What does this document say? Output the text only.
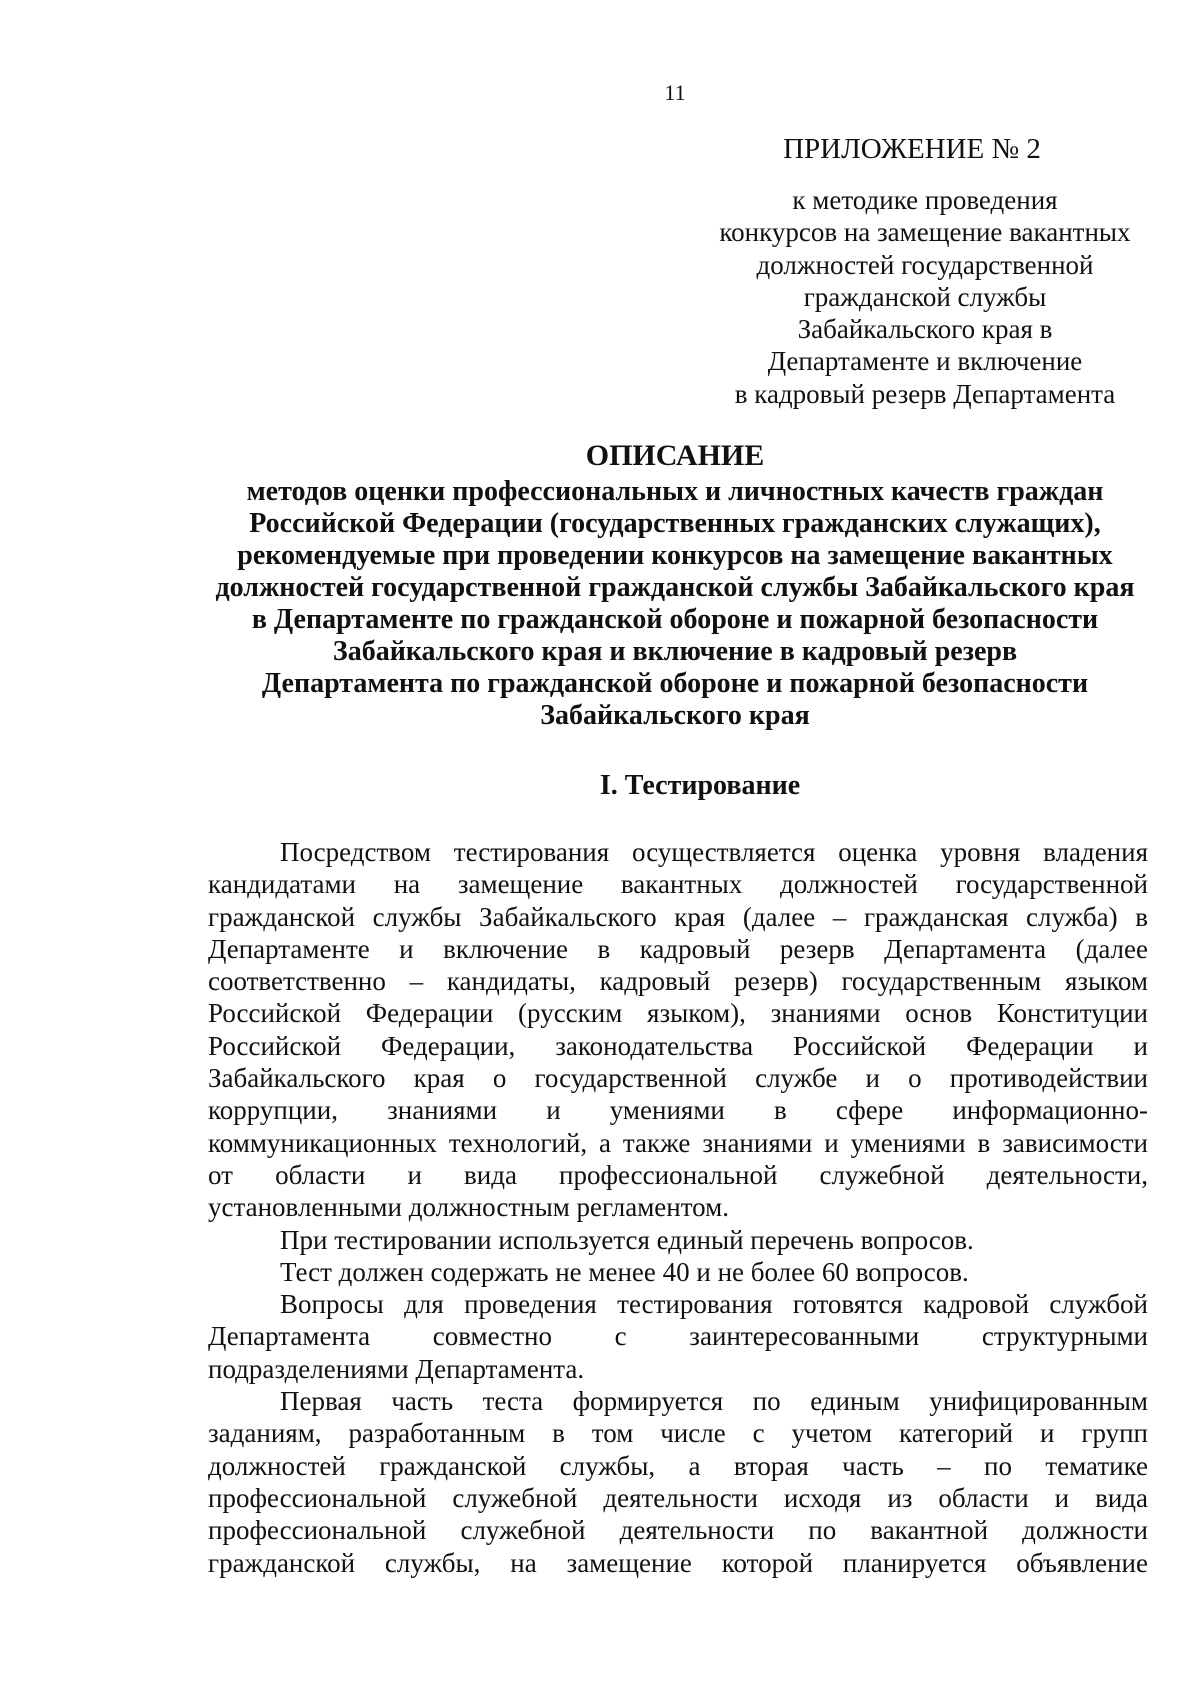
11
ПРИЛОЖЕНИЕ № 2
к методике проведения
конкурсов на замещение вакантных
должностей государственной
гражданской службы
Забайкальского края в
Департаменте и включение
в кадровый резерв Департамента
ОПИСАНИЕ
методов оценки профессиональных и личностных качеств граждан
Российской Федерации (государственных гражданских служащих),
рекомендуемые при проведении конкурсов на замещение вакантных
должностей государственной гражданской службы Забайкальского края
в Департаменте по гражданской обороне и пожарной безопасности
Забайкальского края и включение в кадровый резерв
Департамента по гражданской обороне и пожарной безопасности
Забайкальского края
I. Тестирование
Посредством тестирования осуществляется оценка уровня владения
кандидатами на замещение вакантных должностей государственной
гражданской службы Забайкальского края (далее – гражданская служба) в
Департаменте и включение в кадровый резерв Департамента (далее
соответственно – кандидаты, кадровый резерв) государственным языком
Российской Федерации (русским языком), знаниями основ Конституции
Российской Федерации, законодательства Российской Федерации и
Забайкальского края о государственной службе и о противодействии
коррупции, знаниями и умениями в сфере информационно-
коммуникационных технологий, а также знаниями и умениями в зависимости
от области и вида профессиональной служебной деятельности,
установленными должностным регламентом.
При тестировании используется единый перечень вопросов.
Тест должен содержать не менее 40 и не более 60 вопросов.
Вопросы для проведения тестирования готовятся кадровой службой
Департамента совместно с заинтересованными структурными
подразделениями Департамента.
Первая часть теста формируется по единым унифицированным
заданиям, разработанным в том числе с учетом категорий и групп
должностей гражданской службы, а вторая часть – по тематике
профессиональной служебной деятельности исходя из области и вида
профессиональной служебной деятельности по вакантной должности
гражданской службы, на замещение которой планируется объявление
